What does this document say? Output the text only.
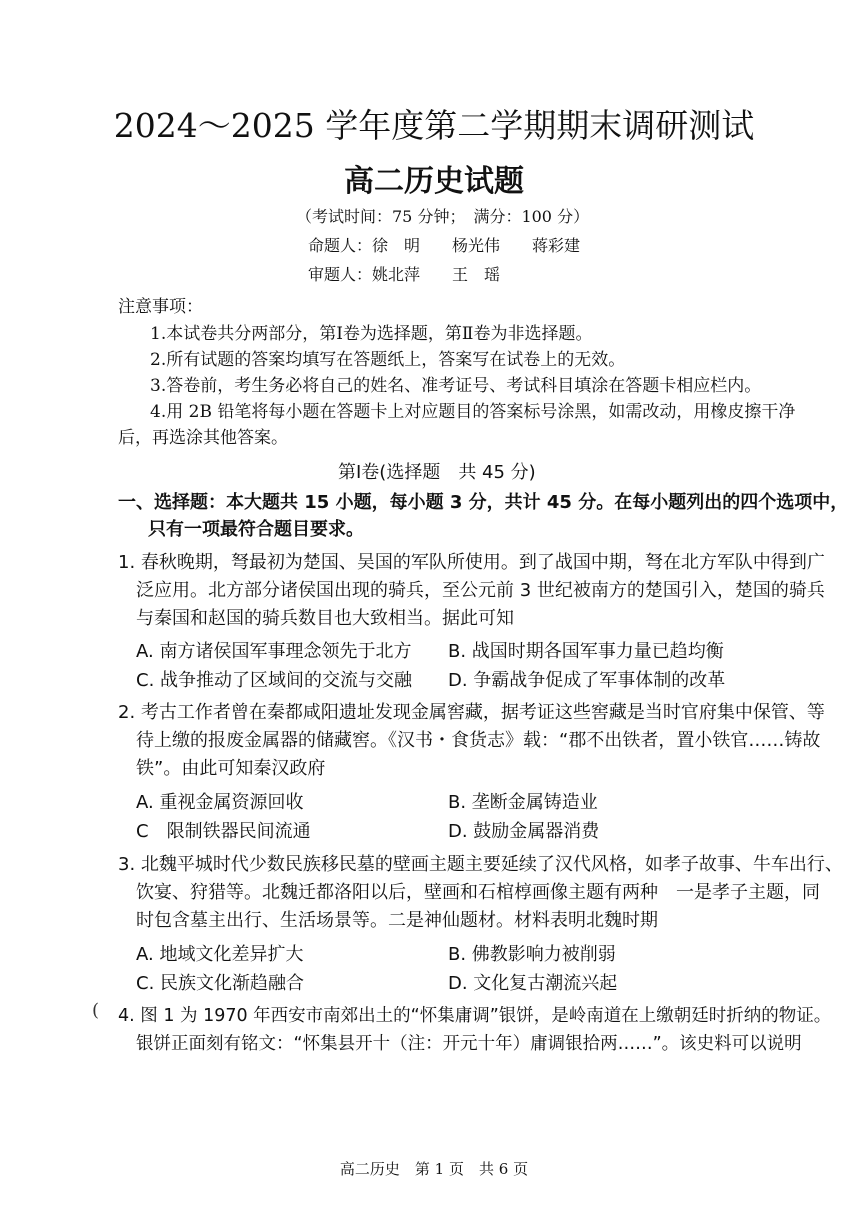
2024～2025 学年度第二学期期末调研测试
高二历史试题
（考试时间：75 分钟；　满分：100 分）
命题人：徐　明　　杨光伟　　蒋彩建
审题人：姚北萍　　王　瑶
注意事项：
1.本试卷共分两部分，第Ⅰ卷为选择题，第Ⅱ卷为非选择题。
2.所有试题的答案均填写在答题纸上，答案写在试卷上的无效。
3.答卷前，考生务必将自己的姓名、准考证号、考试科目填涂在答题卡相应栏内。
4.用 2B 铅笔将每小题在答题卡上对应题目的答案标号涂黑，如需改动，用橡皮擦干净
后，再选涂其他答案。
第Ⅰ卷(选择题　共 45 分)
一、选择题：本大题共 15 小题，每小题 3 分，共计 45 分。在每小题列出的四个选项中，
只有一项最符合题目要求。
1. 春秋晚期，弩最初为楚国、吴国的军队所使用。到了战国中期，弩在北方军队中得到广
泛应用。北方部分诸侯国出现的骑兵，至公元前 3 世纪被南方的楚国引入，楚国的骑兵
与秦国和赵国的骑兵数目也大致相当。据此可知
A. 南方诸侯国军事理念领先于北方 B. 战国时期各国军事力量已趋均衡
C. 战争推动了区域间的交流与交融 D. 争霸战争促成了军事体制的改革
2. 考古工作者曾在秦都咸阳遗址发现金属窖藏，据考证这些窖藏是当时官府集中保管、等
待上缴的报废金属器的储藏窖。《汉书・食货志》载：“郡不出铁者，置小铁官……铸故
铁”。由此可知秦汉政府
A. 重视金属资源回收	B. 垄断金属铸造业
C　限制铁器民间流通	D. 鼓励金属器消费
3. 北魏平城时代少数民族移民墓的壁画主题主要延续了汉代风格，如孝子故事、牛车出行、
饮宴、狩猎等。北魏迁都洛阳以后，壁画和石棺椁画像主题有两种　一是孝子主题，同
时包含墓主出行、生活场景等。二是神仙题材。材料表明北魏时期
A. 地域文化差异扩大	B. 佛教影响力被削弱
C. 民族文化渐趋融合	D. 文化复古潮流兴起
( 4. 图 1 为 1970 年西安市南郊出土的“怀集庸调”银饼，是岭南道在上缴朝廷时折纳的物证。
银饼正面刻有铭文：“怀集县开十（注：开元十年）庸调银拾两……”。该史料可以说明
高二历史　第 1 页　共 6 页
